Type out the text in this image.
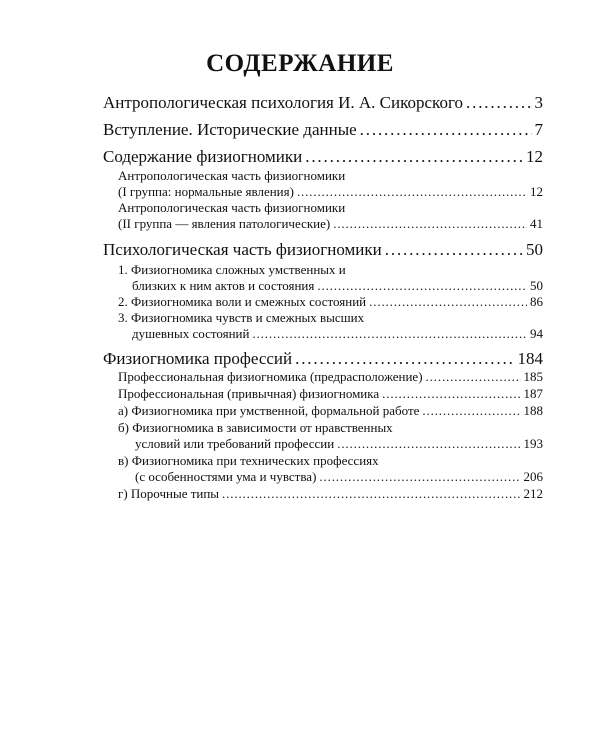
СОДЕРЖАНИЕ
Антропологическая психология И. А. Сикорского . . .	3
Вступление. Исторические данные . . .	7
Содержание физиогномики . . .	12
Антропологическая часть физиогномики
(I группа: нормальные явления) . . .	12
Антропологическая часть физиогномики
(II группа — явления патологические) . . .	41
Психологическая часть физиогномики . . .	50
1. Физиогномика сложных умственных и
близких к ним актов и состояния . . .	50
2. Физиогномика воли и смежных состояний . . .	86
3. Физиогномика чувств и смежных высших
душевных состояний . . .	94
Физиогномика профессий . . .	184
Профессиональная физиогномика (предрасположение) . . .	185
Профессиональная (привычная) физиогномика . . .	187
а) Физиогномика при умственной, формальной работе . . .	188
б) Физиогномика в зависимости от нравственных
условий или требований профессии . . .	193
в) Физиогномика при технических профессиях
(с особенностями ума и чувства) . . .	206
г) Порочные типы . . .	212
